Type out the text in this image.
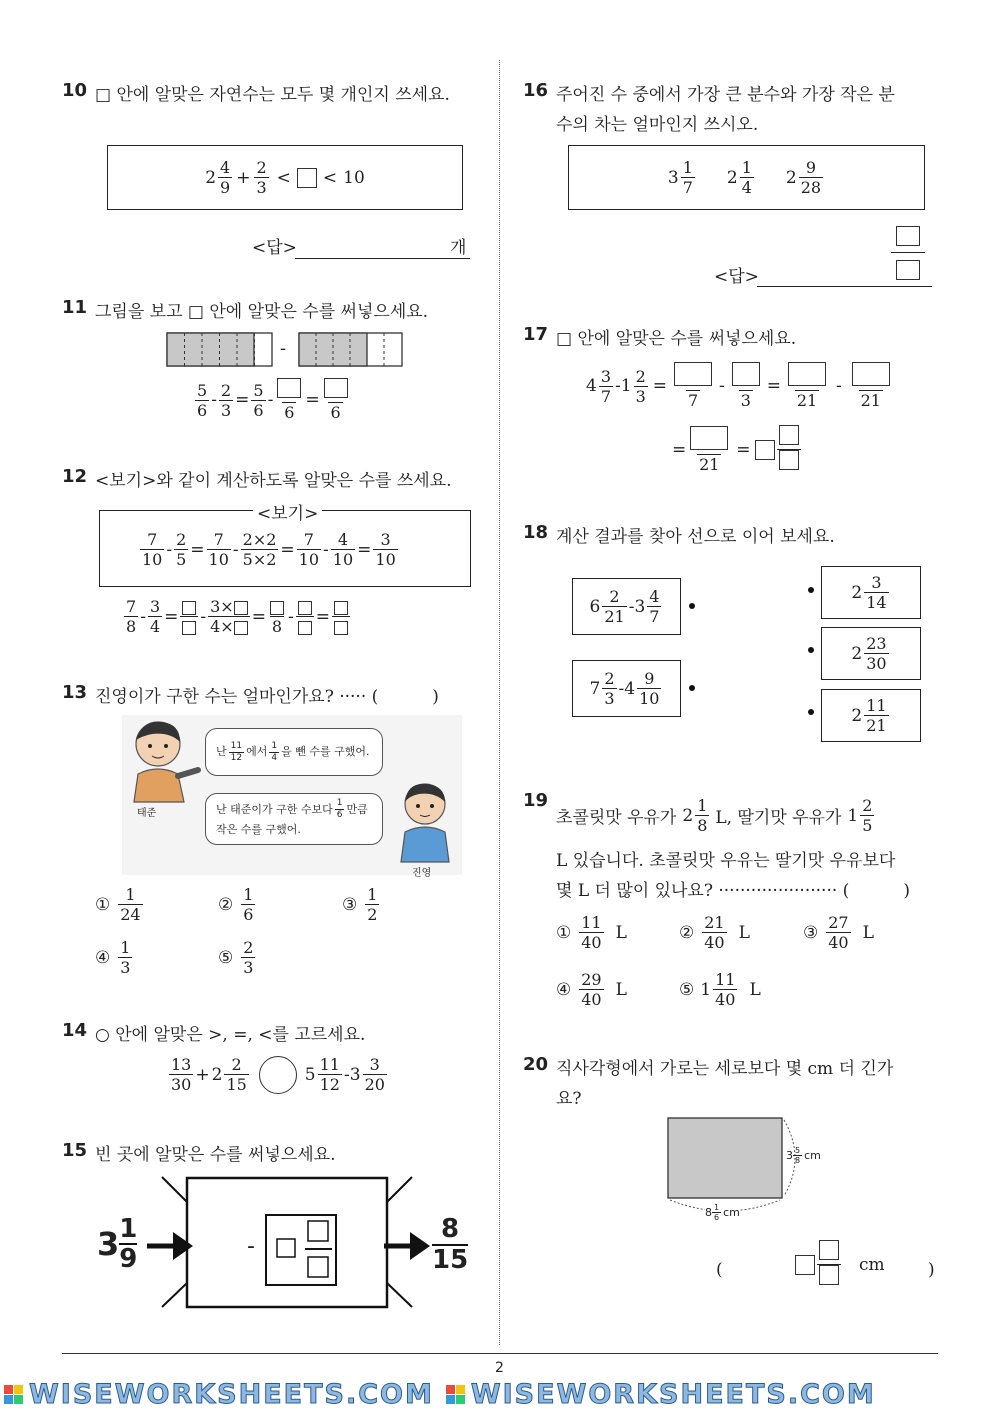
10 □ 안에 알맞은 자연수는 모두 몇 개인지 쓰세요.
$2 \frac{4}{9} + \frac{2}{3}$ < < 10
<답>	개
11 그림을 보고 □ 안에 알맞은 수를 써넣으세요.
-
$\frac{5}{6} - \frac{2}{3} = \frac{5}{6}$ -
6
=
6
12 <보기>와 같이 계산하도록 알맞은 수를 쓰세요.
<보기>
$\frac{7}{10} - \frac{2}{5} = \frac{7}{10} - \frac{2\times 2}{5\times 2} = \frac{7}{10} - \frac{4}{10} = \frac{3}{10}$
$\frac{7}{8} - \frac{3}{4}$ = - $\frac{3\times}{4\times} = 8$ - =
13 진영이가 구한 수는 얼마인가요? ····· (          )
태준
난 $\frac{11}{12}$ 에서 $\frac{1}{4}$ 을 뺀 수를 구했어.
난 태준이가 구한 수보다 $\frac{1}{6}$ 만큼
작은 수를 구했어.
진영
① $\frac{1}{24}$	② $\frac{1}{6}$	③ $\frac{1}{2}$
④ $\frac{1}{3}$	⑤ $\frac{2}{3}$
14 ○ 안에 알맞은 >, =, <를 고르세요.
$\frac{13}{30} + 2 \frac{2}{15}$	$5 \frac{11}{12} - 3 \frac{3}{20}$
15 빈 곳에 알맞은 수를 써넣으세요.
-
3 1
9	$\frac{8}{15}$
16 주어진 수 중에서 가장 큰 분수와 가장 작은 분
수의 차는 얼마인지 쓰시오.
$3 \frac{1}{7} 2 \frac{1}{4} 2 \frac{9}{28}$
<답>
17 □ 안에 알맞은 수를 써넣으세요.
$4 \frac{3}{7} - 1 \frac{2}{3}$ =
7
-
3
=
21
-
21
=
21
=
18 계산 결과를 찾아 선으로 이어 보세요.
$6 \frac{2}{21} - 3 \frac{4}{7}$
$7 \frac{2}{3} - 4 \frac{9}{10}$
$2 \frac{3}{14}$
$2 \frac{23}{30}$
$2 \frac{11}{21}$
19
초콜릿맛 우유가 $2 \frac{1}{8} L$, 딸기맛 우유가 $1 \frac{2}{5}$
L 있습니다. 초콜릿맛 우유는 딸기맛 우유보다
몇 L 더 많이 있나요? ······················ (          )
① $\frac{11}{40}$ L	② $\frac{21}{40}$ L	③ $\frac{27}{40}$ L
④ $\frac{29}{40}$ L	⑤ $1 \frac{11}{40}$ L
20 직사각형에서 가로는 세로보다 몇 cm 더 긴가
요?
$3 \frac{5}{8}$ cm
$8 \frac{1}{6}$ cm
(	cm	)
2
WISEWORKSHEETS.COM WISEWORKSHEETS.COM
